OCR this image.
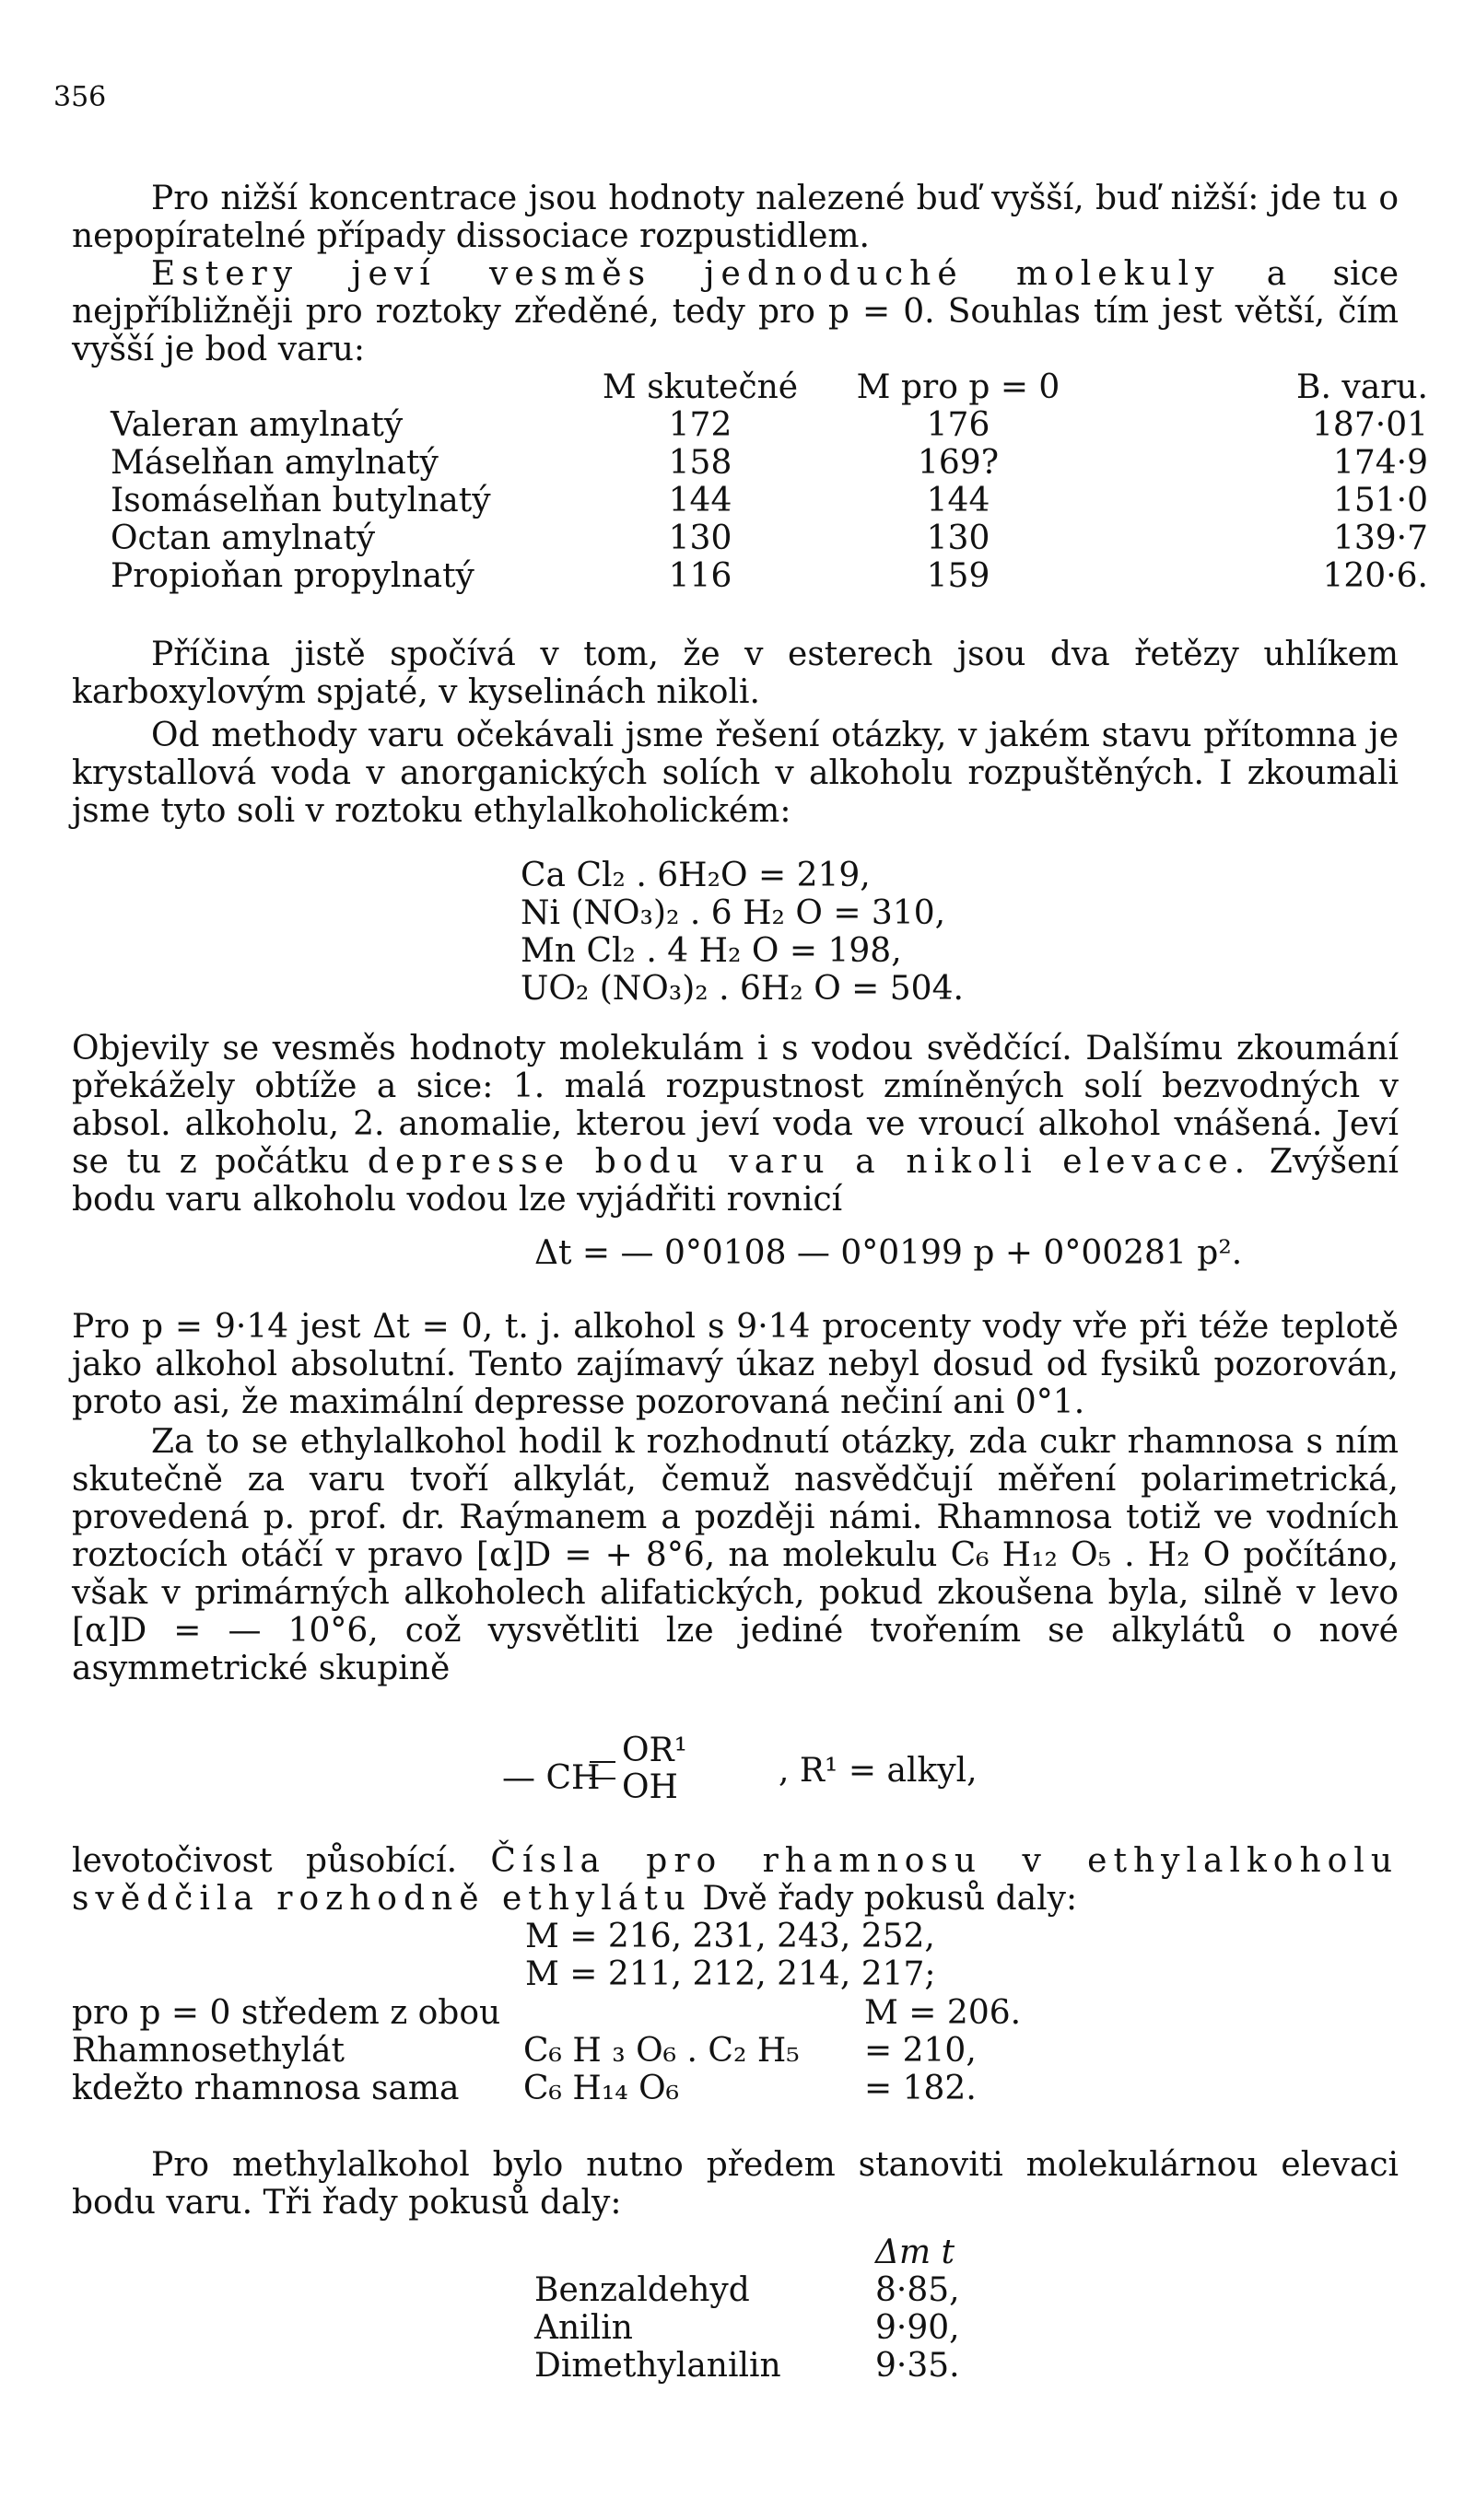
356

Pro nižší koncentrace jsou hodnoty nalezené buď vyšší, buď nižší: jde tu o nepopíratelné případy dissociace rozpustidlem.

Estery jeví vesměs jednoduché molekuly a sice nejpříbližněji pro roztoky zředěné, tedy pro p = 0. Souhlas tím jest větší, čím vyšší je bod varu:

	M skutečné	M pro p = 0	B. varu.
Valeran amylnatý	172	176	187·01
Máselňan amylnatý	158	169?	174·9
Isomáselňan butylnatý	144	144	151·0
Octan amylnatý	130	130	139·7
Propioňan propylnatý	116	159	120·6.

Příčina jistě spočívá v tom, že v esterech jsou dva řetězy uhlíkem karboxylovým spjaté, v kyselinách nikoli.

Od methody varu očekávali jsme řešení otázky, v jakém stavu přítomna je krystallová voda v anorganických solích v alkoholu rozpuštěných. I zkoumali jsme tyto soli v roztoku ethylalkoholickém:

Ca Cl₂ . 6H₂O = 219,
Ni (NO₃)₂ . 6 H₂ O = 310,
Mn Cl₂ . 4 H₂ O = 198,
UO₂ (NO₃)₂ . 6H₂ O = 504.

Objevily se vesměs hodnoty molekulám i s vodou svědčící. Dalšímu zkoumání překážely obtíže a sice: 1. malá rozpustnost zmíněných solí bezvodných v absol. alkoholu, 2. anomalie, kterou jeví voda ve vroucí alkohol vnášená. Jeví se tu z počátku depresse bodu varu a nikoli elevace. Zvýšení bodu varu alkoholu vodou lze vyjádřiti rovnicí

Δt = — 0°0108 — 0°0199 p + 0°00281 p².

Pro p = 9·14 jest Δt = 0, t. j. alkohol s 9·14 procenty vody vře při téže teplotě jako alkohol absolutní. Tento zajímavý úkaz nebyl dosud od fysiků pozorován, proto asi, že maximální depresse pozorovaná nečiní ani 0°1.

Za to se ethylalkohol hodil k rozhodnutí otázky, zda cukr rhamnosa s ním skutečně za varu tvoří alkylát, čemuž nasvědčují měření polarimetrická, provedená p. prof. dr. Raýmanem a později námi. Rhamnosa totiž ve vodních roztocích otáčí v pravo [α]D = + 8°6, na molekulu C₆ H₁₂ O₅ . H₂ O počítáno, však v primárných alkoholech alifatických, pokud zkoušena byla, silně v levo [α]D = — 10°6, což vysvětliti lze jediné tvořením se alkylátů o nové asymmetrické skupině

— CH
OR¹
OH	, R¹ = alkyl,

levotočivost působící. Čísla pro rhamnosu v ethylalkoholu svědčila rozhodně ethylátu Dvě řady pokusů daly:

M = 216, 231, 243, 252,
M = 211, 212, 214, 217;
pro p = 0 středem z obou		M = 206.
Rhamnosethylát	C₆ H ₃ O₆ . C₂ H₅	= 210,
kdežto rhamnosa sama	C₆ H₁₄ O₆	= 182.

Pro methylalkohol bylo nutno předem stanoviti molekulárnou elevaci bodu varu. Tři řady pokusů daly:

	Δm t
Benzaldehyd	8·85,
Anilin	9·90,
Dimethylanilin	9·35.
